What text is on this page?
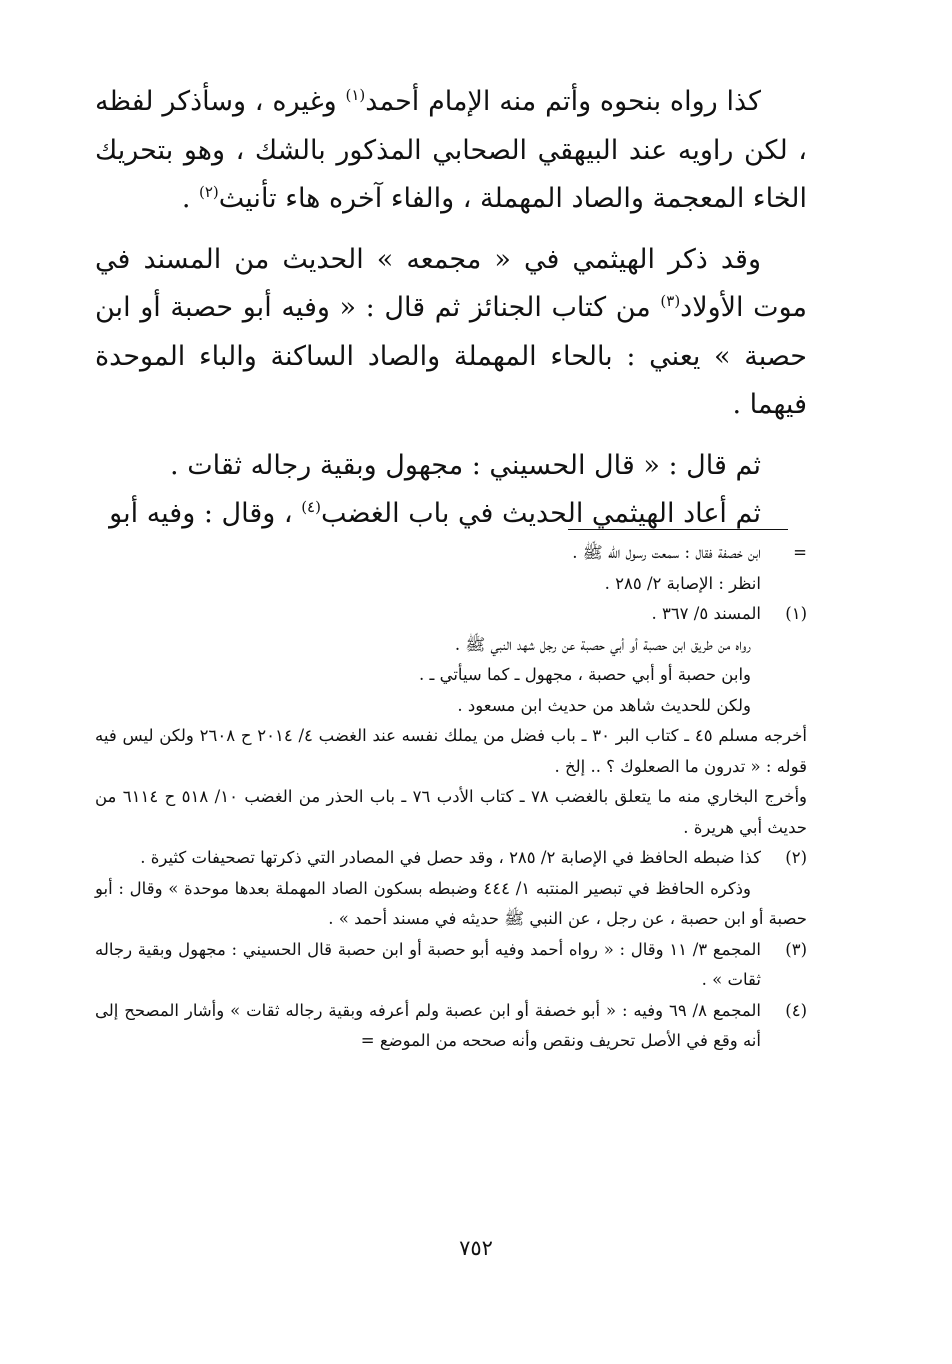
كذا رواه بنحوه وأتم منه الإمام أحمد$^{(١)}$ وغيره ، وسأذكر لفظه ، لكن راويه عند البيهقي الصحابي المذكور بالشك ، وهو بتحريك الخاء المعجمة والصاد المهملة ، والفاء آخره هاء تأنيث$^{(٢)}$ .

وقد ذكر الهيثمي في « مجمعه » الحديث من المسند في موت الأولاد$^{(٣)}$ من كتاب الجنائز ثم قال : « وفيه أبو حصبة أو ابن حصبة » يعني : بالحاء المهملة والصاد الساكنة والباء الموحدة فيهما .

ثم قال : « قال الحسيني : مجهول وبقية رجاله ثقات .

ثم أعاد الهيثمي الحديث في باب الغضب$^{(٤)}$ ، وقال : وفيه أبو

=ابن خصفة فقال : سمعت رسول الله ﷺ .
انظر : الإصابة ٢/ ٢٨٥ .
(١)المسند ٥/ ٣٦٧ .
رواه من طريق ابن حصبة أو أبي حصبة عن رجل شهد النبي ﷺ .
وابن حصبة أو أبي حصبة ، مجهول ـ كما سيأتي ـ .
ولكن للحديث شاهد من حديث ابن مسعود .
أخرجه مسلم ٤٥ ـ كتاب البر ٣٠ ـ باب فضل من يملك نفسه عند الغضب ٤/ ٢٠١٤ ح ٢٦٠٨ ولكن ليس فيه قوله : « تدرون ما الصعلوك ؟ .. إلخ .
وأخرج البخاري منه ما يتعلق بالغضب ٧٨ ـ كتاب الأدب ٧٦ ـ باب الحذر من الغضب ١٠/ ٥١٨ ح ٦١١٤ من حديث أبي هريرة .
(٢)
كذا ضبطه الحافظ في الإصابة ٢/ ٢٨٥ ، وقد حصل في المصادر التي ذكرتها تصحيفات كثيرة .
وذكره الحافظ في تبصير المنتبه ١/ ٤٤٤ وضبطه بسكون الصاد المهملة بعدها موحدة » وقال : أبو حصبة أو ابن حصبة ، عن رجل ، عن النبي ﷺ حديثه في مسند أحمد » .
(٣)
المجمع ٣/ ١١ وقال : « رواه أحمد وفيه أبو حصبة أو ابن حصبة قال الحسيني : مجهول وبقية رجاله ثقات » .
(٤)
المجمع ٨/ ٦٩ وفيه : « أبو خصفة أو ابن عصبة ولم أعرفه وبقية رجاله ثقات » وأشار المصحح إلى أنه وقع في الأصل تحريف ونقص وأنه صححه من الموضع =
٧٥٢
